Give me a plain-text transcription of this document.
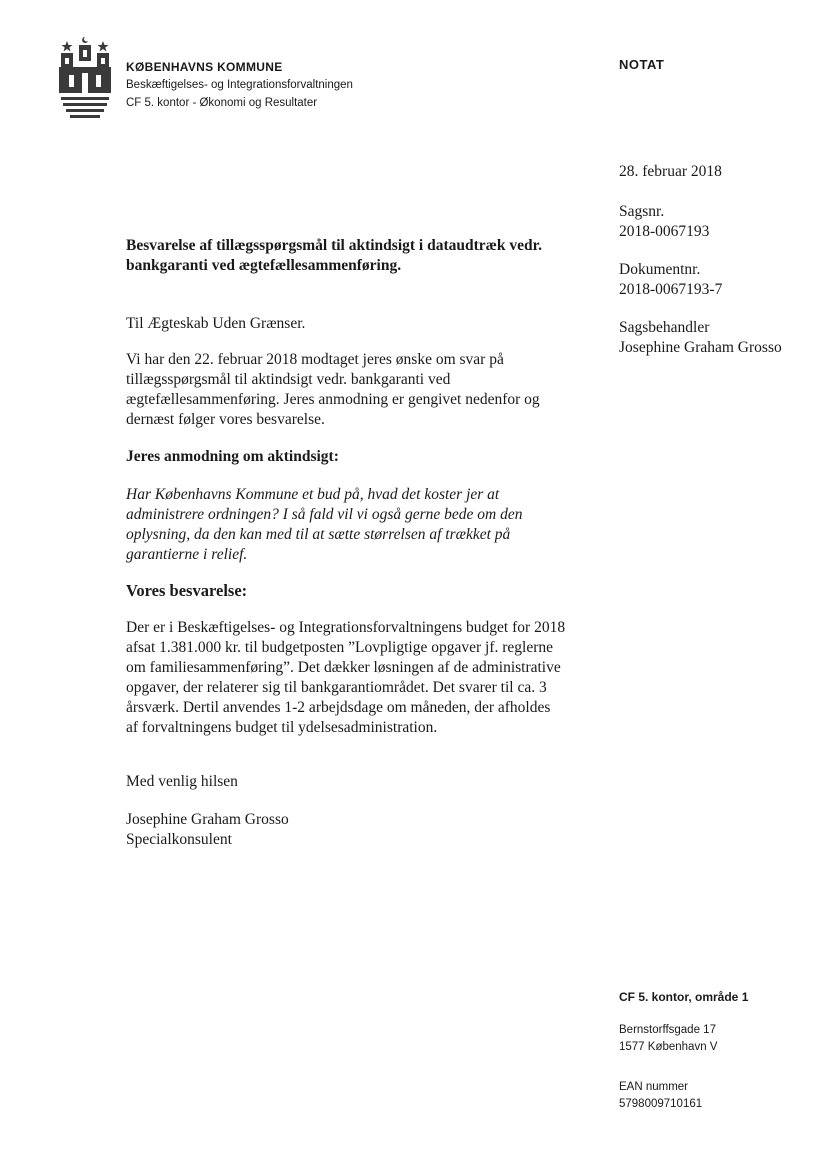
KØBENHAVNS KOMMUNE
Beskæftigelses- og Integrationsforvaltningen
CF 5. kontor - Økonomi og Resultater
NOTAT
28. februar 2018
Sagsnr.
2018-0067193
Dokumentnr.
2018-0067193-7
Sagsbehandler
Josephine Graham Grosso
Besvarelse af tillægsspørgsmål til aktindsigt i dataudtræk vedr.
bankgaranti ved ægtefællesammenføring.
Til Ægteskab Uden Grænser.
Vi har den 22. februar 2018 modtaget jeres ønske om svar på
tillægsspørgsmål til aktindsigt vedr. bankgaranti ved
ægtefællesammenføring. Jeres anmodning er gengivet nedenfor og
dernæst følger vores besvarelse.
Jeres anmodning om aktindsigt:
Har Københavns Kommune et bud på, hvad det koster jer at
administrere ordningen? I så fald vil vi også gerne bede om den
oplysning, da den kan med til at sætte størrelsen af trækket på
garantierne i relief.
Vores besvarelse:
Der er i Beskæftigelses- og Integrationsforvaltningens budget for 2018
afsat 1.381.000 kr. til budgetposten ”Lovpligtige opgaver jf. reglerne
om familiesammenføring”. Det dækker løsningen af de administrative
opgaver, der relaterer sig til bankgarantiområdet. Det svarer til ca. 3
årsværk. Dertil anvendes 1-2 arbejdsdage om måneden, der afholdes
af forvaltningens budget til ydelsesadministration.
Med venlig hilsen
Josephine Graham Grosso
Specialkonsulent
CF 5. kontor, område 1
Bernstorffsgade 17
1577 København V
EAN nummer
5798009710161
